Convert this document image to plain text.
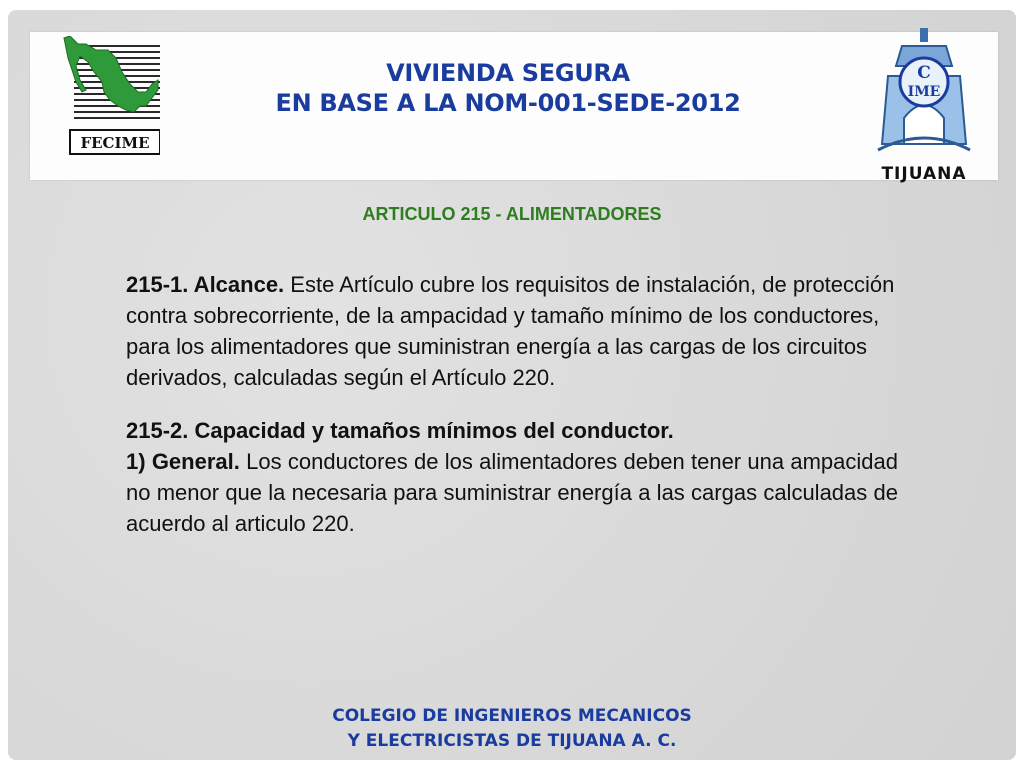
FECIME
VIVIENDA SEGURA
EN BASE A LA NOM-001-SEDE-2012
C
IME
TIJUANA
ARTICULO 215 - ALIMENTADORES

215-1. Alcance. Este Artículo cubre los requisitos de instalación, de protección contra sobrecorriente, de la ampacidad y tamaño mínimo de los conductores, para los alimentadores que suministran energía a las cargas de los circuitos derivados, calculadas según el Artículo 220.

215-2. Capacidad y tamaños mínimos del conductor.

1) General. Los conductores de los alimentadores deben tener una ampacidad no menor que la necesaria para suministrar energía a las cargas calculadas de acuerdo al articulo 220.

COLEGIO DE INGENIEROS MECANICOS
Y ELECTRICISTAS DE TIJUANA A. C.
